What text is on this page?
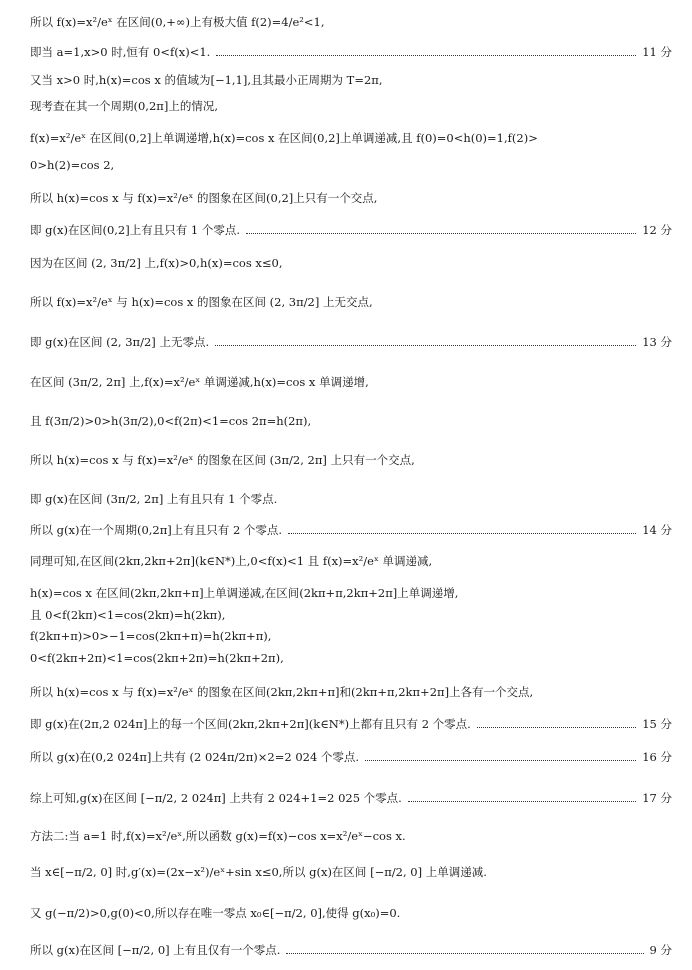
所以 f(x)=x²/eˣ 在区间(0,+∞)上有极大值 f(2)=4/e²<1,
即当 a=1,x>0 时,恒有 0<f(x)<1.	11 分
又当 x>0 时,h(x)=cos x 的值域为[−1,1],且其最小正周期为 T=2π,
现考查在其一个周期(0,2π]上的情况,
f(x)=x²/eˣ 在区间(0,2]上单调递增,h(x)=cos x 在区间(0,2]上单调递减,且 f(0)=0<h(0)=1,f(2)>
0>h(2)=cos 2,
所以 h(x)=cos x 与 f(x)=x²/eˣ 的图象在区间(0,2]上只有一个交点,
即 g(x)在区间(0,2]上有且只有 1 个零点.	12 分
因为在区间 (2, 3π/2] 上,f(x)>0,h(x)=cos x≤0,
所以 f(x)=x²/eˣ 与 h(x)=cos x 的图象在区间 (2, 3π/2] 上无交点,
即 g(x)在区间 (2, 3π/2] 上无零点.	13 分
在区间 (3π/2, 2π] 上,f(x)=x²/eˣ 单调递减,h(x)=cos x 单调递增,
且 f(3π/2)>0>h(3π/2),0<f(2π)<1=cos 2π=h(2π),
所以 h(x)=cos x 与 f(x)=x²/eˣ 的图象在区间 (3π/2, 2π] 上只有一个交点,
即 g(x)在区间 (3π/2, 2π] 上有且只有 1 个零点.
所以 g(x)在一个周期(0,2π]上有且只有 2 个零点.	14 分
同理可知,在区间(2kπ,2kπ+2π](k∈N*)上,0<f(x)<1 且 f(x)=x²/eˣ 单调递减,
h(x)=cos x 在区间(2kπ,2kπ+π]上单调递减,在区间(2kπ+π,2kπ+2π]上单调递增,
且 0<f(2kπ)<1=cos(2kπ)=h(2kπ),
f(2kπ+π)>0>−1=cos(2kπ+π)=h(2kπ+π),
0<f(2kπ+2π)<1=cos(2kπ+2π)=h(2kπ+2π),
所以 h(x)=cos x 与 f(x)=x²/eˣ 的图象在区间(2kπ,2kπ+π]和(2kπ+π,2kπ+2π]上各有一个交点,
即 g(x)在(2π,2 024π]上的每一个区间(2kπ,2kπ+2π](k∈N*)上都有且只有 2 个零点.	15 分
所以 g(x)在(0,2 024π]上共有 (2 024π/2π)×2=2 024 个零点.	16 分
综上可知,g(x)在区间 [−π/2, 2 024π] 上共有 2 024+1=2 025 个零点.	17 分
方法二:当 a=1 时,f(x)=x²/eˣ,所以函数 g(x)=f(x)−cos x=x²/eˣ−cos x.
当 x∈[−π/2, 0] 时,g′(x)=(2x−x²)/eˣ+sin x≤0,所以 g(x)在区间 [−π/2, 0] 上单调递减.
又 g(−π/2)>0,g(0)<0,所以存在唯一零点 x₀∈[−π/2, 0],使得 g(x₀)=0.
所以 g(x)在区间 [−π/2, 0] 上有且仅有一个零点.	9 分
